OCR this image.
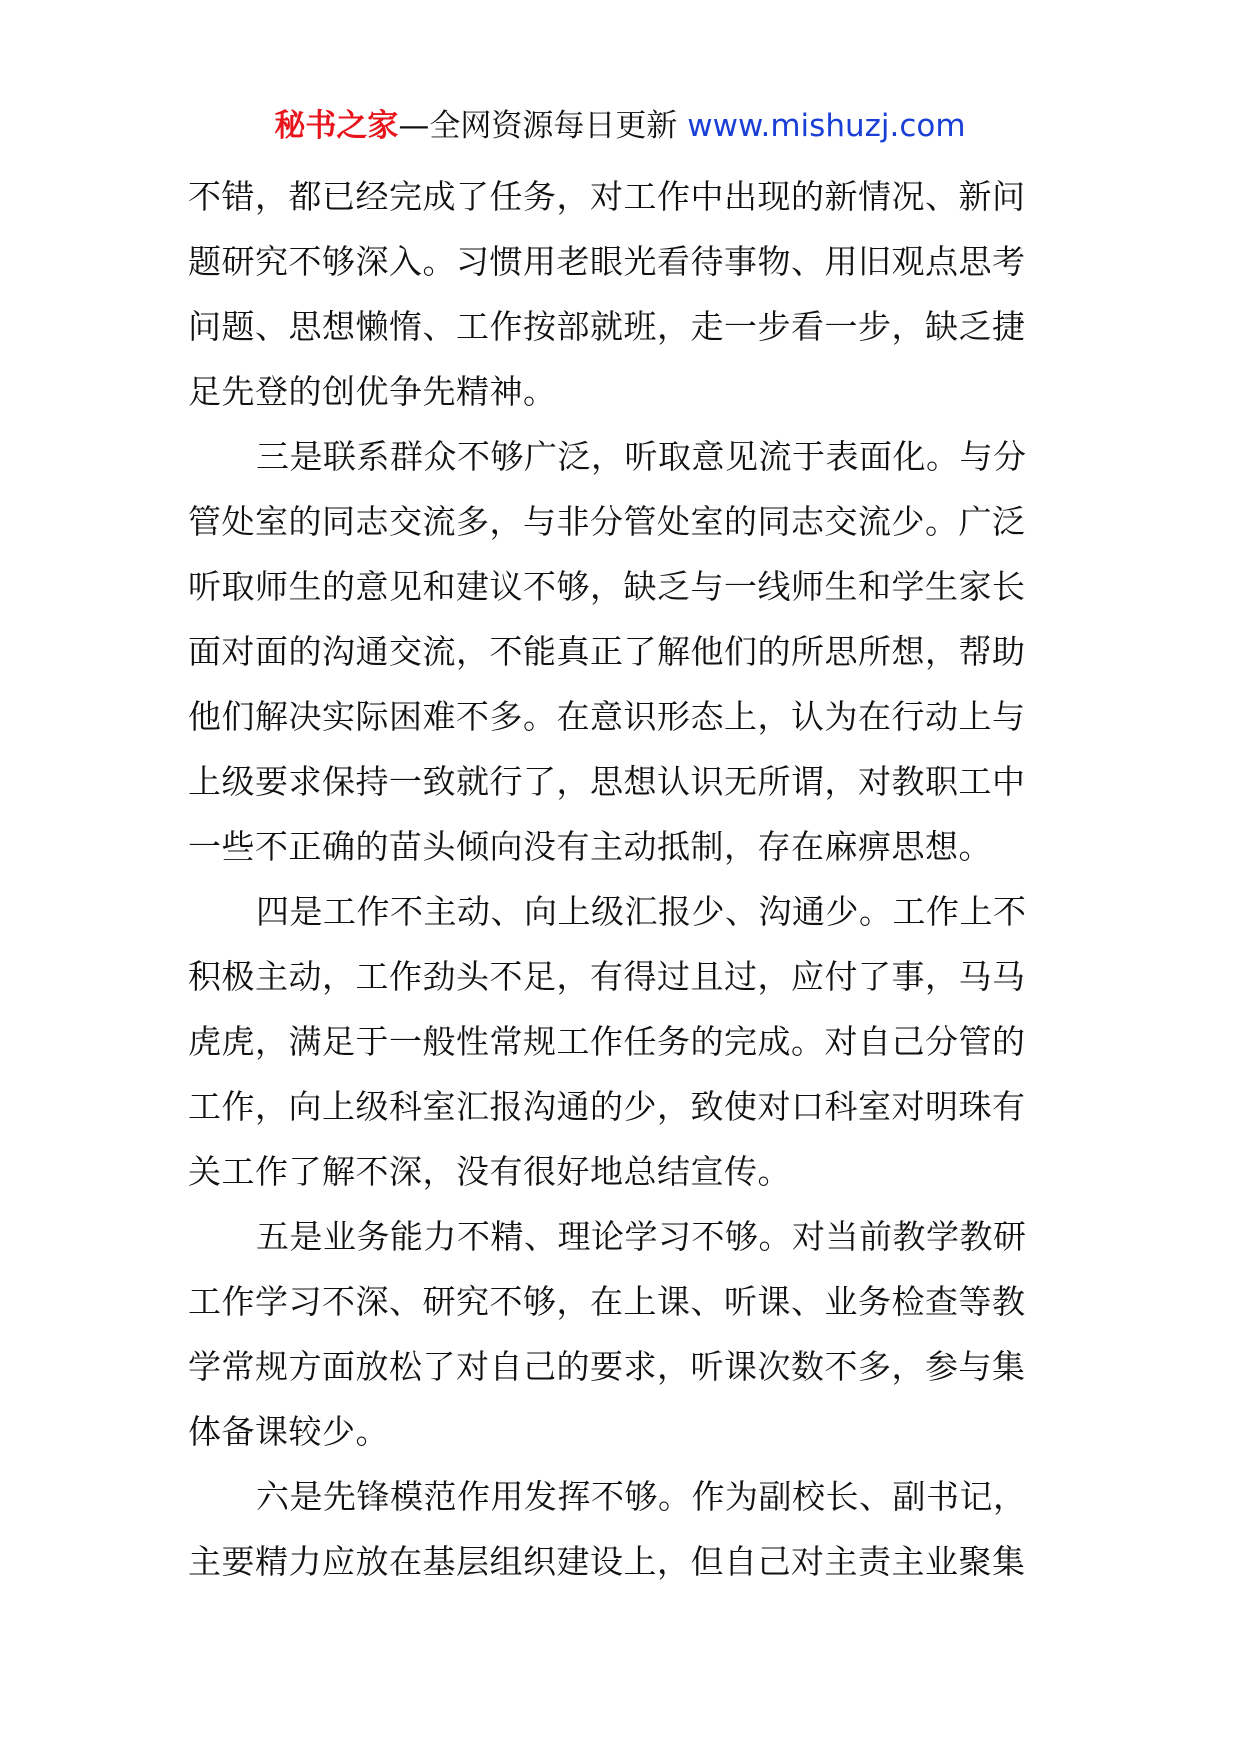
秘书之家—全网资源每日更新 www.mishuzj.com
不错，都已经完成了任务，对工作中出现的新情况、新问
题研究不够深入。习惯用老眼光看待事物、用旧观点思考
问题、思想懒惰、工作按部就班，走一步看一步，缺乏捷
足先登的创优争先精神。
三是联系群众不够广泛，听取意见流于表面化。与分
管处室的同志交流多，与非分管处室的同志交流少。广泛
听取师生的意见和建议不够，缺乏与一线师生和学生家长
面对面的沟通交流，不能真正了解他们的所思所想，帮助
他们解决实际困难不多。在意识形态上，认为在行动上与
上级要求保持一致就行了，思想认识无所谓，对教职工中
一些不正确的苗头倾向没有主动抵制，存在麻痹思想。
四是工作不主动、向上级汇报少、沟通少。工作上不
积极主动，工作劲头不足，有得过且过，应付了事，马马
虎虎，满足于一般性常规工作任务的完成。对自己分管的
工作，向上级科室汇报沟通的少，致使对口科室对明珠有
关工作了解不深，没有很好地总结宣传。
五是业务能力不精、理论学习不够。对当前教学教研
工作学习不深、研究不够，在上课、听课、业务检查等教
学常规方面放松了对自己的要求，听课次数不多，参与集
体备课较少。
六是先锋模范作用发挥不够。作为副校长、副书记，
主要精力应放在基层组织建设上，但自己对主责主业聚集
